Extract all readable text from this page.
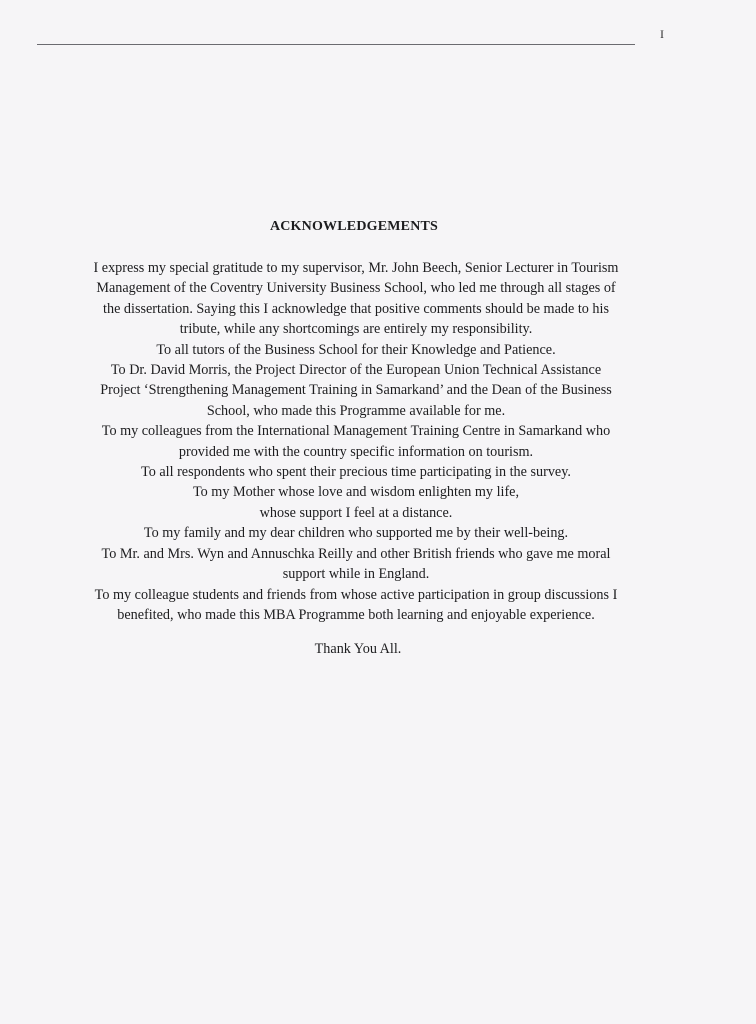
I
ACKNOWLEDGEMENTS
I express my special gratitude to my supervisor, Mr. John Beech, Senior Lecturer in Tourism
Management of the Coventry University Business School, who led me through all stages of
the dissertation. Saying this I acknowledge that positive comments should be made to his
tribute, while any shortcomings are entirely my responsibility.
To all tutors of the Business School for their Knowledge and Patience.
To Dr. David Morris, the Project Director of the European Union Technical Assistance
Project ‘Strengthening Management Training in Samarkand’ and the Dean of the Business
School, who made this Programme available for me.
To my colleagues from the International Management Training Centre in Samarkand who
provided me with the country specific information on tourism.
To all respondents who spent their precious time participating in the survey.
To my Mother whose love and wisdom enlighten my life,
whose support I feel at a distance.
To my family and my dear children who supported me by their well-being.
To Mr. and Mrs. Wyn and Annuschka Reilly and other British friends who gave me moral
support while in England.
To my colleague students and friends from whose active participation in group discussions I
benefited, who made this MBA Programme both learning and enjoyable experience.
Thank You All.
